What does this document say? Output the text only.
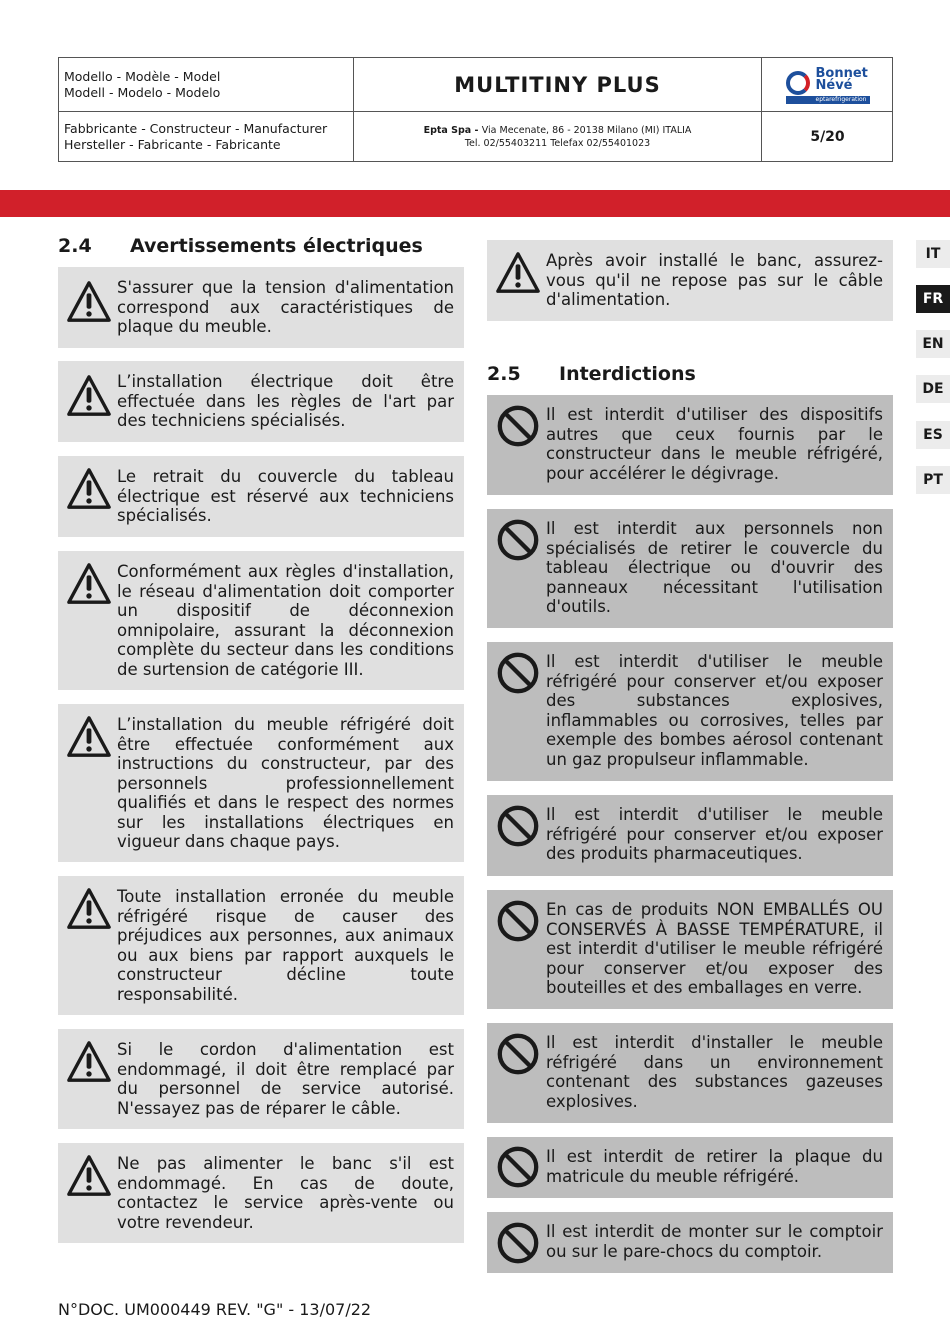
Modello - Modèle - Model
Modell - Modelo - Modelo	MULTITINY PLUS	Bonnet
Névé
eptarefrigeration
Fabbricante - Constructeur - Manufacturer
Hersteller - Fabricante - Fabricante
Epta Spa - Via Mecenate, 86 - 20138 Milano (MI) ITALIA
Tel. 02/55403211 Telefax 02/55401023	5/20
2.4 Avertissements électriques
S'assurer que la tension d'alimentation correspond aux caractéristiques de plaque du meuble.
L’installation électrique doit être effectuée dans les règles de l'art par des techniciens spécialisés.
Le retrait du couvercle du tableau électrique est réservé aux techniciens spécialisés.
Conformément aux règles d'installation, le réseau d'alimentation doit comporter un dispositif de déconnexion omnipolaire, assurant la déconnexion complète du secteur dans les conditions de surtension de catégorie III.
L’installation du meuble réfrigéré doit être effectuée conformément aux instructions du constructeur, par des personnels professionnellement qualifiés et dans le respect des normes sur les installations électriques en vigueur dans chaque pays.
Toute installation erronée du meuble réfrigéré risque de causer des préjudices aux personnes, aux animaux ou aux biens par rapport auxquels le constructeur décline toute responsabilité.
Si le cordon d'alimentation est endommagé, il doit être remplacé par du personnel de service autorisé. N'essayez pas de réparer le câble.
Ne pas alimenter le banc s'il est endommagé. En cas de doute, contactez le service après-vente ou votre revendeur.
Après avoir installé le banc, assurez-vous qu'il ne repose pas sur le câble d'alimentation.
2.5 Interdictions
Il est interdit d'utiliser des dispositifs autres que ceux fournis par le constructeur dans le meuble réfrigéré, pour accélérer le dégivrage.
Il est interdit aux personnels non spécialisés de retirer le couvercle du tableau électrique ou d'ouvrir des panneaux nécessitant l'utilisation d'outils.
Il est interdit d'utiliser le meuble réfrigéré pour conserver et/ou exposer des substances explosives, inflammables ou corrosives, telles par exemple des bombes aérosol contenant un gaz propulseur inflammable.
Il est interdit d'utiliser le meuble réfrigéré pour conserver et/ou exposer des produits pharmaceutiques.
En cas de produits NON EMBALLÉS OU CONSERVÉS À BASSE TEMPÉRATURE, il est interdit d'utiliser le meuble réfrigéré pour conserver et/ou exposer des bouteilles et des emballages en verre.
Il est interdit d'installer le meuble réfrigéré dans un environnement contenant des substances gazeuses explosives.
Il est interdit de retirer la plaque du matricule du meuble réfrigéré.
Il est interdit de monter sur le comptoir ou sur le pare-chocs du comptoir.
IT
FR
EN
DE
ES
PT
N°DOC. UM000449 REV. "G" - 13/07/22
